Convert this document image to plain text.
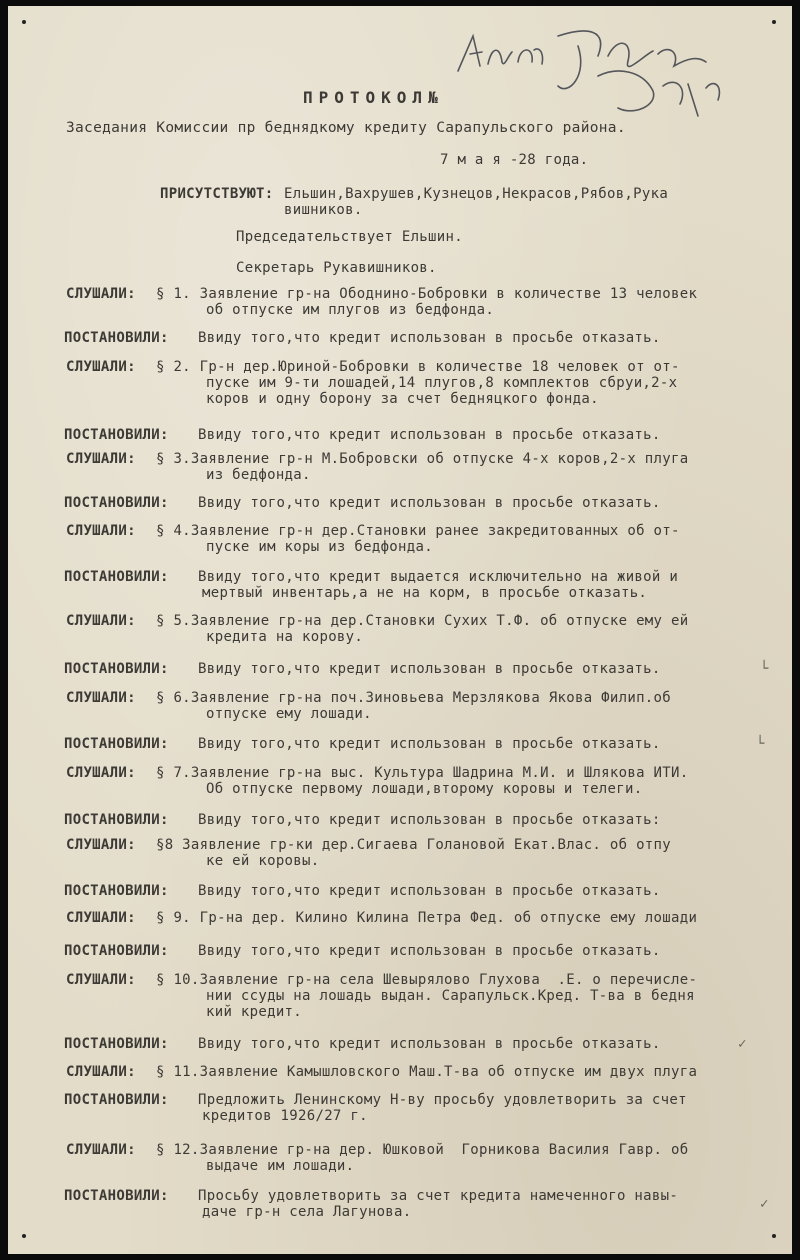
ПРОТОКОЛ№
Заседания Комиссии пр беднядкому кредиту Сарапульского района.
7 м а я -28 года.
ПРИСУТСТВУЮТ: Ельшин,Вахрушев,Кузнецов,Некрасов,Рябов,Рука
вишников.
Председательствует Ельшин.
Секретарь Рукавишников.
СЛУШАЛИ: § 1. Заявление гр-на Ободнино-Бобровки в количестве 13 человек
об отпуске им плугов из бедфонда.
ПОСТАНОВИЛИ: Ввиду того,что кредит использован в просьбе отказать.
СЛУШАЛИ: § 2. Гр-н дер.Юриной-Бобровки в количестве 18 человек от от-
пуске им 9-ти лошадей,14 плугов,8 комплектов сбруи,2-х
коров и одну борону за счет бедняцкого фонда.
ПОСТАНОВИЛИ: Ввиду того,что кредит использован в просьбе отказать.
СЛУШАЛИ: § 3.Заявление гр-н М.Бобровски об отпуске 4-х коров,2-х плуга
из бедфонда.
ПОСТАНОВИЛИ: Ввиду того,что кредит использован в просьбе отказать.
СЛУШАЛИ: § 4.Заявление гр-н дер.Становки ранее закредитованных об от-
пуске им коры из бедфонда.
ПОСТАНОВИЛИ: Ввиду того,что кредит выдается исключительно на живой и
мертвый инвентарь,а не на корм, в просьбе отказать.
СЛУШАЛИ: § 5.Заявление гр-на дер.Становки Сухих Т.Ф. об отпуске ему ей
кредита на корову.
ПОСТАНОВИЛИ: Ввиду того,что кредит использован в просьбе отказать.
СЛУШАЛИ: § 6.Заявление гр-на поч.Зиновьева Мерзлякова Якова Филип.об
отпуске ему лошади.
ПОСТАНОВИЛИ: Ввиду того,что кредит использован в просьбе отказать.
СЛУШАЛИ: § 7.Заявление гр-на выс. Культура Шадрина М.И. и Шлякова ИТИ.
Об отпуске первому лошади,второму коровы и телеги.
ПОСТАНОВИЛИ: Ввиду того,что кредит использован в просьбе отказать:
СЛУШАЛИ: §8 Заявление гр-ки дер.Сигаева Голановой Екат.Влас. об отпу
ке ей коровы.
ПОСТАНОВИЛИ: Ввиду того,что кредит использован в просьбе отказать.
СЛУШАЛИ: § 9. Гр-на дер. Килино Килина Петра Фед. об отпуске ему лошади
ПОСТАНОВИЛИ: Ввиду того,что кредит использован в просьбе отказать.
СЛУШАЛИ: § 10.Заявление гр-на села Шевырялово Глухова  .Е. о перечисле-
нии ссуды на лошадь выдан. Сарапульск.Кред. Т-ва в бедня
кий кредит.
ПОСТАНОВИЛИ: Ввиду того,что кредит использован в просьбе отказать.
СЛУШАЛИ: § 11.Заявление Камышловского Маш.Т-ва об отпуске им двух плуга
ПОСТАНОВИЛИ: Предложить Ленинскому Н-ву просьбу удовлетворить за счет
кредитов 1926/27 г.
СЛУШАЛИ: § 12.Заявление гр-на дер. Юшковой  Горникова Василия Гавр. об
выдаче им лошади.
ПОСТАНОВИЛИ: Просьбу удовлетворить за счет кредита намеченного навы-
даче гр-н села Лагунова.
└
└
✓
✓
